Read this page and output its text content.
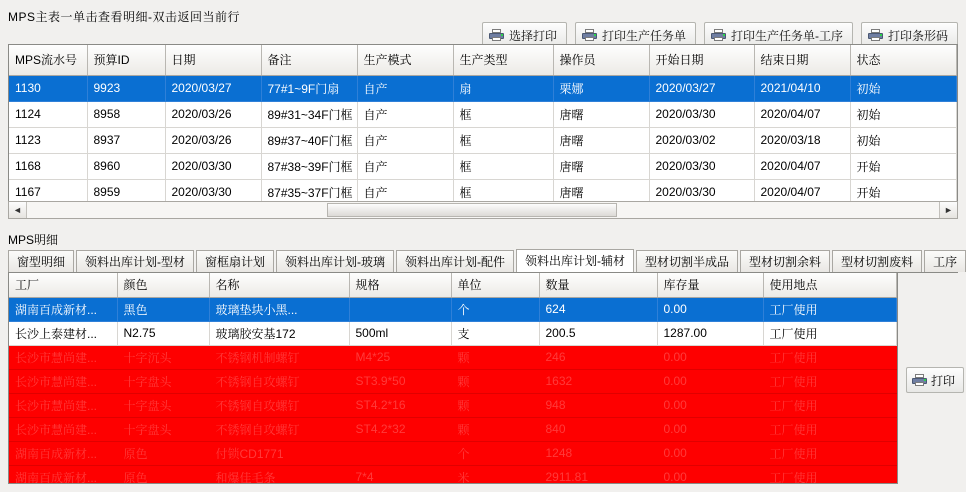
MPS主表一单击查看明细-双击返回当前行
选择打印	打印生产任务单	打印生产任务单-工序	打印条形码
MPS流水号	预算ID	日期	备注	生产模式	生产类型	操作员	开始日期	结束日期	状态
1130	9923	2020/03/27	77#1~9F门扇	自产	扇	栗娜	2020/03/27	2021/04/10	初始
1124	8958	2020/03/26	89#31~34F门框	自产	框	唐曙	2020/03/30	2020/04/07	初始
1123	8937	2020/03/26	89#37~40F门框	自产	框	唐曙	2020/03/02	2020/03/18	初始
1168	8960	2020/03/30	87#38~39F门框	自产	框	唐曙	2020/03/30	2020/04/07	开始
1167	8959	2020/03/30	87#35~37F门框	自产	框	唐曙	2020/03/30	2020/04/07	开始
◄	►
MPS明细
窗型明细	领料出库计划-型材	窗框扇计划	领料出库计划-玻璃	领料出库计划-配件	领料出库计划-辅材	型材切割半成品	型材切割余料	型材切割废料	工序
工厂	颜色	名称	规格	单位	数量	库存量	使用地点
湖南百成新材...	黑色	玻璃垫块小黑...		个	624	0.00	工厂使用
长沙上泰建材...	N2.75	玻璃胶安基172	500ml	支	200.5	1287.00	工厂使用
长沙市慧尚建...	十字沉头	不锈钢机制螺钉	M4*25	颗	246	0.00	工厂使用
长沙市慧尚建...	十字盘头	不锈钢自攻螺钉	ST3.9*50	颗	1632	0.00	工厂使用
长沙市慧尚建...	十字盘头	不锈钢自攻螺钉	ST4.2*16	颗	948	0.00	工厂使用
长沙市慧尚建...	十字盘头	不锈钢自攻螺钉	ST4.2*32	颗	840	0.00	工厂使用
湖南百成新材...	原色	付锁CD1771		个	1248	0.00	工厂使用
湖南百成新材...	原色	和爆佳毛条	7*4	米	2911.81	0.00	工厂使用
打印
